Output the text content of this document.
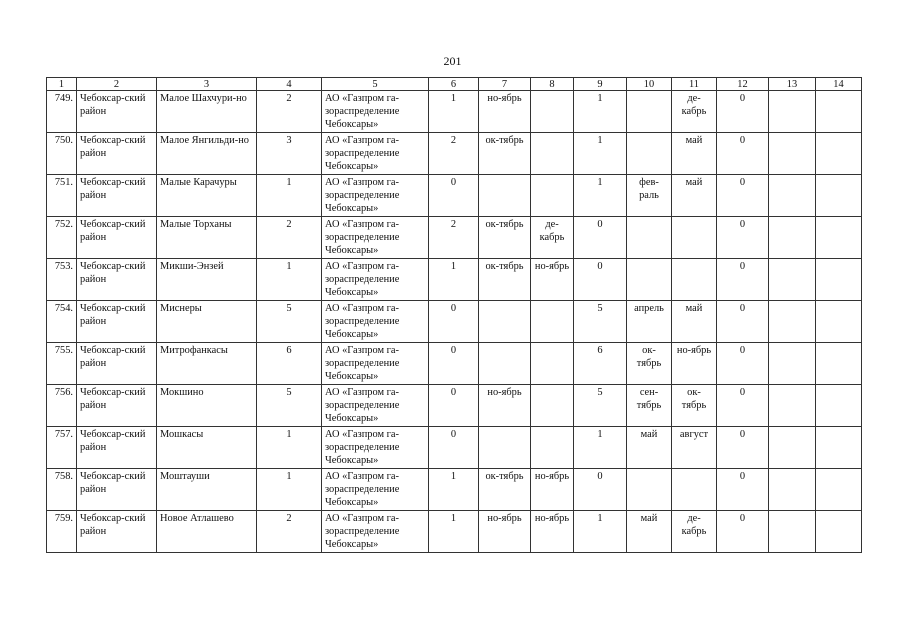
201
1	2	3	4	5	6	7	8	9	10	11	12	13	14
749.	Чебоксар-ский район	Малое Шахчури-но	2	АО «Газпром га-зораспределение Чебоксары»	1	но-ябрь		1		де-кабрь	0		
750.	Чебоксар-ский район	Малое Янгильди-но	3	АО «Газпром га-зораспределение Чебоксары»	2	ок-тябрь		1		май	0		
751.	Чебоксар-ский район	Малые Карачуры	1	АО «Газпром га-зораспределение Чебоксары»	0			1	фев-раль	май	0		
752.	Чебоксар-ский район	Малые Торханы	2	АО «Газпром га-зораспределение Чебоксары»	2	ок-тябрь	де-кабрь	0			0		
753.	Чебоксар-ский район	Микши-Энзей	1	АО «Газпром га-зораспределение Чебоксары»	1	ок-тябрь	но-ябрь	0			0		
754.	Чебоксар-ский район	Миснеры	5	АО «Газпром га-зораспределение Чебоксары»	0			5	апрель	май	0		
755.	Чебоксар-ский район	Митрофанкасы	6	АО «Газпром га-зораспределение Чебоксары»	0			6	ок-тябрь	но-ябрь	0		
756.	Чебоксар-ский район	Мокшино	5	АО «Газпром га-зораспределение Чебоксары»	0	но-ябрь		5	сен-тябрь	ок-тябрь	0		
757.	Чебоксар-ский район	Мошкасы	1	АО «Газпром га-зораспределение Чебоксары»	0			1	май	август	0		
758.	Чебоксар-ский район	Моштауши	1	АО «Газпром га-зораспределение Чебоксары»	1	ок-тябрь	но-ябрь	0			0		
759.	Чебоксар-ский район	Новое Атлашево	2	АО «Газпром га-зораспределение Чебоксары»	1	но-ябрь	но-ябрь	1	май	де-кабрь	0		
